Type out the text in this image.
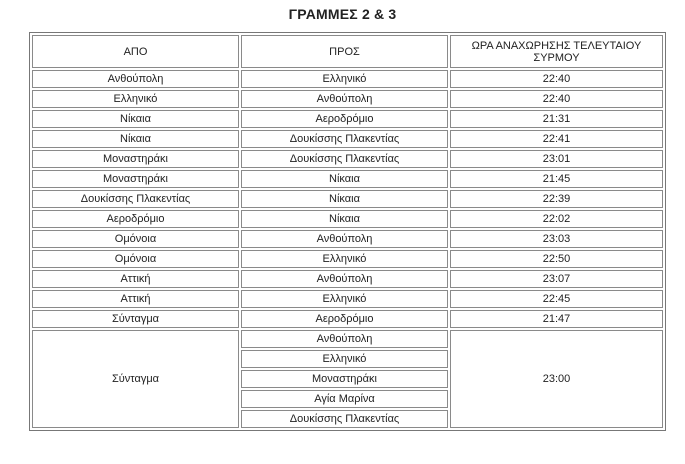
ΓΡΑΜΜΕΣ 2 & 3
ΑΠΟ	ΠΡΟΣ	ΩΡΑ ΑΝΑΧΩΡΗΣΗΣ ΤΕΛΕΥΤΑΙΟΥ ΣΥΡΜΟΥ
Ανθούπολη	Ελληνικό	22:40
Ελληνικό	Ανθούπολη	22:40
Νίκαια	Αεροδρόμιο	21:31
Νίκαια	Δουκίσσης Πλακεντίας	22:41
Μοναστηράκι	Δουκίσσης Πλακεντίας	23:01
Μοναστηράκι	Νίκαια	21:45
Δουκίσσης Πλακεντίας	Νίκαια	22:39
Αεροδρόμιο	Νίκαια	22:02
Ομόνοια	Ανθούπολη	23:03
Ομόνοια	Ελληνικό	22:50
Αττική	Ανθούπολη	23:07
Αττική	Ελληνικό	22:45
Σύνταγμα	Αεροδρόμιο	21:47
Σύνταγμα	Ανθούπολη	23:00
	Ελληνικό	
	Μοναστηράκι	
	Αγία Μαρίνα	
	Δουκίσσης Πλακεντίας	
